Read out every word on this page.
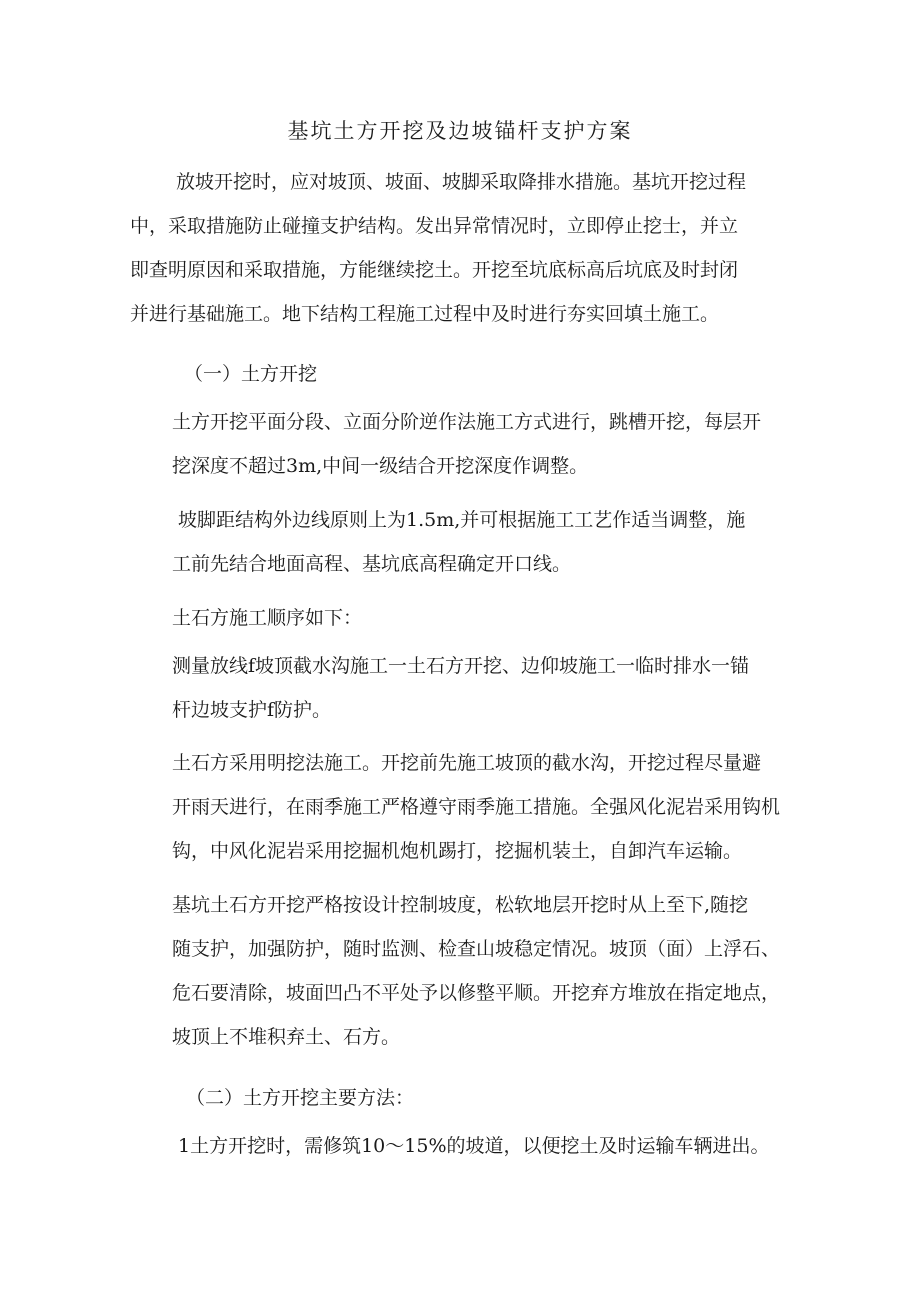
基坑土方开挖及边坡锚杆支护方案
放坡开挖时，应对坡顶、坡面、坡脚采取降排水措施。基坑开挖过程
中，采取措施防止碰撞支护结构。发出异常情况时，立即停止挖士，并立
即查明原因和采取措施，方能继续挖土。开挖至坑底标高后坑底及时封闭
并进行基础施工。地下结构工程施工过程中及时进行夯实回填土施工。
（一）土方开挖
土方开挖平面分段、立面分阶逆作法施工方式进行，跳槽开挖，每层开
挖深度不超过3m,中间一级结合开挖深度作调整。
坡脚距结构外边线原则上为1.5m,并可根据施工工艺作适当调整，施
工前先结合地面高程、基坑底高程确定开口线。
土石方施工顺序如下：
测量放线f坡顶截水沟施工一土石方开挖、边仰坡施工一临时排水一锚
杆边坡支护f防护。
土石方采用明挖法施工。开挖前先施工坡顶的截水沟，开挖过程尽量避
开雨天进行，在雨季施工严格遵守雨季施工措施。全强风化泥岩采用钩机
钩，中风化泥岩采用挖掘机炮机踢打，挖掘机装土，自卸汽车运输。
基坑土石方开挖严格按设计控制坡度，松软地层开挖时从上至下,随挖
随支护，加强防护，随时监测、检查山坡稳定情况。坡顶（面）上浮石、
危石要清除，坡面凹凸不平处予以修整平顺。开挖弃方堆放在指定地点，
坡顶上不堆积弃土、石方。
（二）土方开挖主要方法：
1土方开挖时，需修筑10～15%的坡道，以便挖土及时运输车辆进出。
